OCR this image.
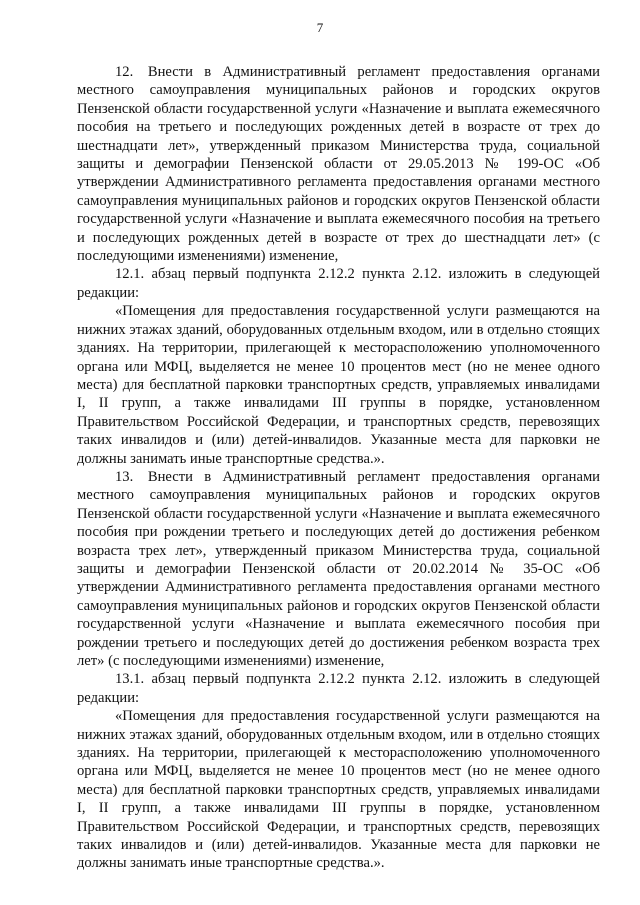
7

12. Внести в Административный регламент предоставления органами местного самоуправления муниципальных районов и городских округов Пензенской области государственной услуги «Назначение и выплата ежемесячного пособия на третьего и последующих рожденных детей в возрасте от трех до шестнадцати лет», утвержденный приказом Министерства труда, социальной защиты и демографии Пензенской области от 29.05.2013 № 199-ОС «Об утверждении Административного регламента предоставления органами местного самоуправления муниципальных районов и городских округов Пензенской области государственной услуги «Назначение и выплата ежемесячного пособия на третьего и последующих рожденных детей в возрасте от трех до шестнадцати лет» (с последующими изменениями) изменение,

12.1. абзац первый подпункта 2.12.2 пункта 2.12. изложить в следующей редакции:

«Помещения для предоставления государственной услуги размещаются на нижних этажах зданий, оборудованных отдельным входом, или в отдельно стоящих зданиях. На территории, прилегающей к месторасположению уполномоченного органа или МФЦ, выделяется не менее 10 процентов мест (но не менее одного места) для бесплатной парковки транспортных средств, управляемых инвалидами I, II групп, а также инвалидами III группы в порядке, установленном Правительством Российской Федерации, и транспортных средств, перевозящих таких инвалидов и (или) детей-инвалидов. Указанные места для парковки не должны занимать иные транспортные средства.».

13. Внести в Административный регламент предоставления органами местного самоуправления муниципальных районов и городских округов Пензенской области государственной услуги «Назначение и выплата ежемесячного пособия при рождении третьего и последующих детей до достижения ребенком возраста трех лет», утвержденный приказом Министерства труда, социальной защиты и демографии Пензенской области от 20.02.2014 № 35-ОС «Об утверждении Административного регламента предоставления органами местного самоуправления муниципальных районов и городских округов Пензенской области государственной услуги «Назначение и выплата ежемесячного пособия при рождении третьего и последующих детей до достижения ребенком возраста трех лет» (с последующими изменениями) изменение,

13.1. абзац первый подпункта 2.12.2 пункта 2.12. изложить в следующей редакции:

«Помещения для предоставления государственной услуги размещаются на нижних этажах зданий, оборудованных отдельным входом, или в отдельно стоящих зданиях. На территории, прилегающей к месторасположению уполномоченного органа или МФЦ, выделяется не менее 10 процентов мест (но не менее одного места) для бесплатной парковки транспортных средств, управляемых инвалидами I, II групп, а также инвалидами III группы в порядке, установленном Правительством Российской Федерации, и транспортных средств, перевозящих таких инвалидов и (или) детей-инвалидов. Указанные места для парковки не должны занимать иные транспортные средства.».
